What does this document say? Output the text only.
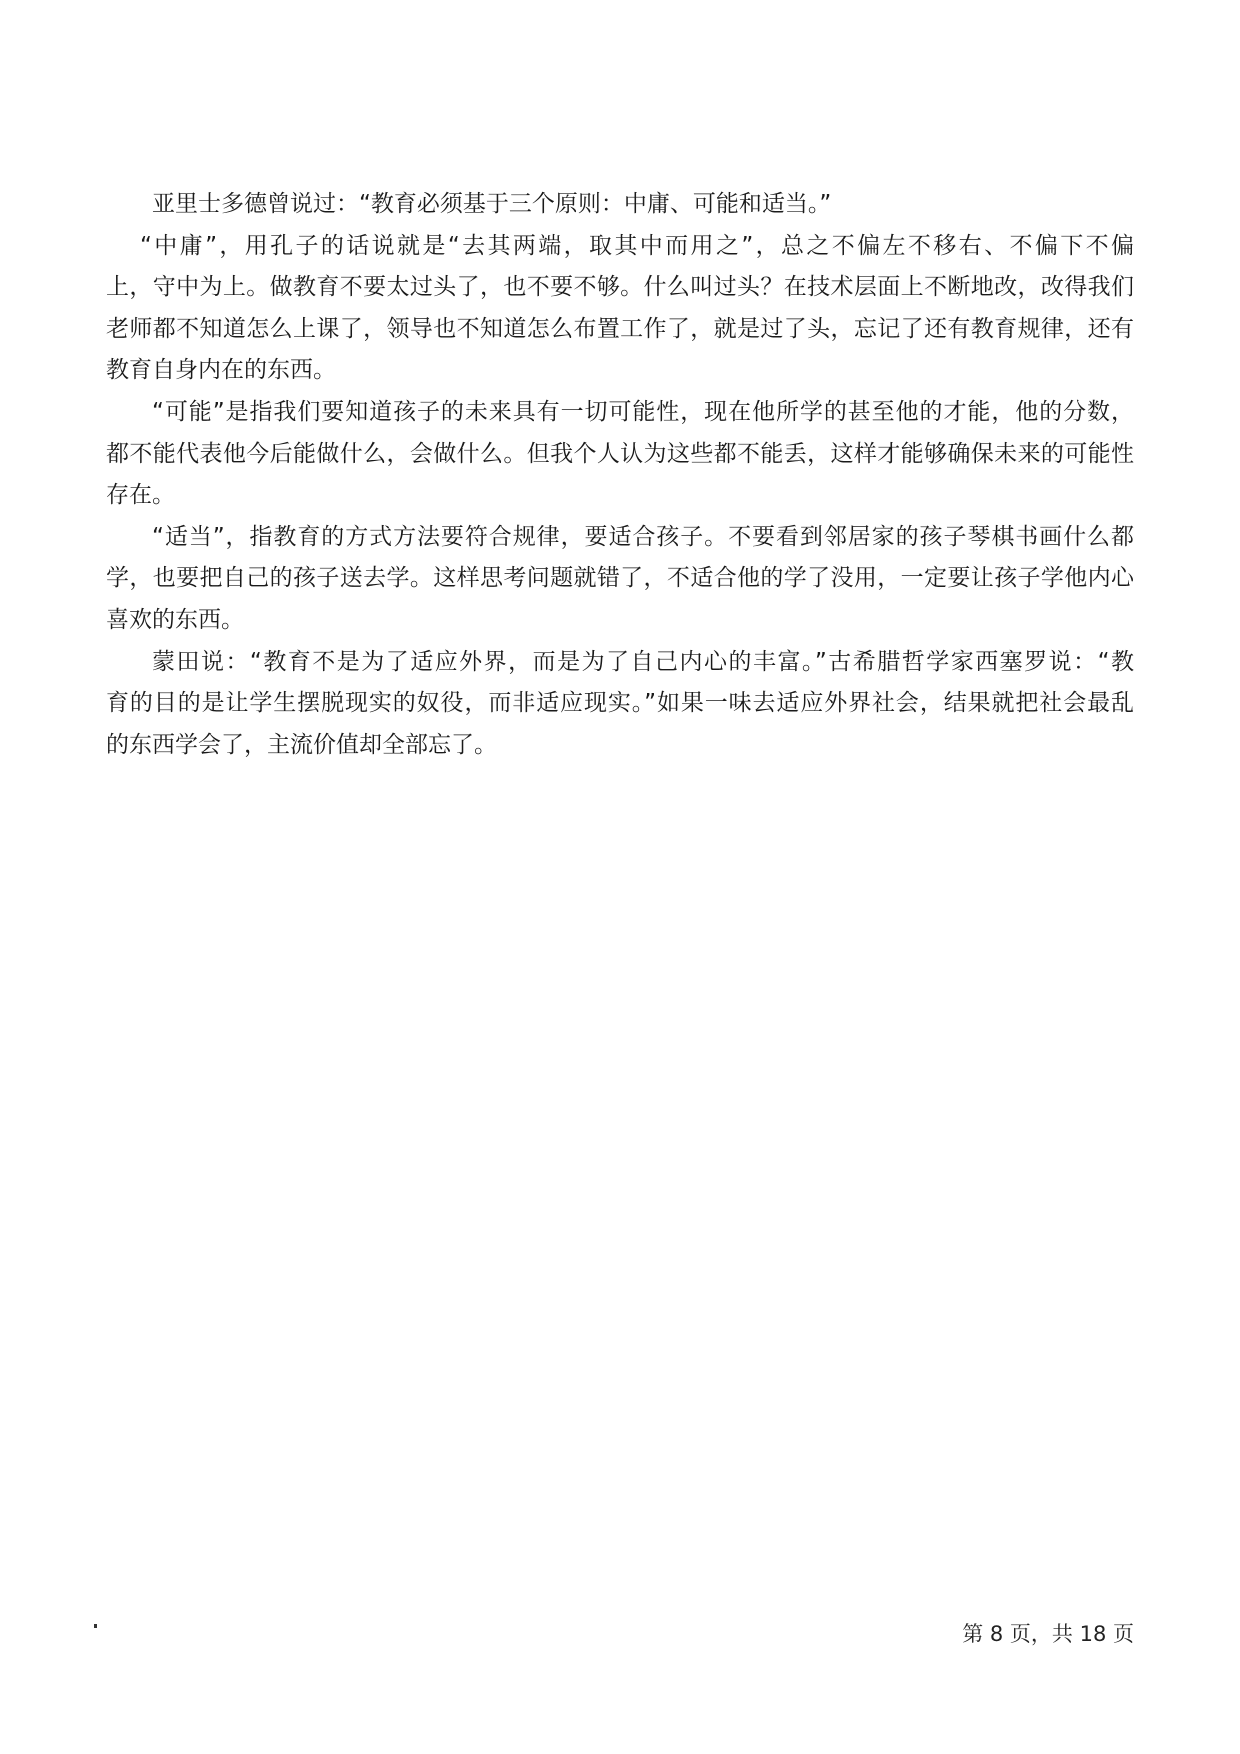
亚里士多德曾说过：“教育必须基于三个原则：中庸、可能和适当。”
“中庸”，用孔子的话说就是“去其两端，取其中而用之”，总之不偏左不移右、不偏下不偏
上，守中为上。做教育不要太过头了，也不要不够。什么叫过头？在技术层面上不断地改，改得我们
老师都不知道怎么上课了，领导也不知道怎么布置工作了，就是过了头，忘记了还有教育规律，还有
教育自身内在的东西。
“可能”是指我们要知道孩子的未来具有一切可能性，现在他所学的甚至他的才能，他的分数，
都不能代表他今后能做什么，会做什么。但我个人认为这些都不能丢，这样才能够确保未来的可能性
存在。
“适当”，指教育的方式方法要符合规律，要适合孩子。不要看到邻居家的孩子琴棋书画什么都
学，也要把自己的孩子送去学。这样思考问题就错了，不适合他的学了没用，一定要让孩子学他内心
喜欢的东西。
蒙田说：“教育不是为了适应外界，而是为了自己内心的丰富。”古希腊哲学家西塞罗说：“教
育的目的是让学生摆脱现实的奴役，而非适应现实。”如果一味去适应外界社会，结果就把社会最乱
的东西学会了，主流价值却全部忘了。
第 8 页，共 18 页
